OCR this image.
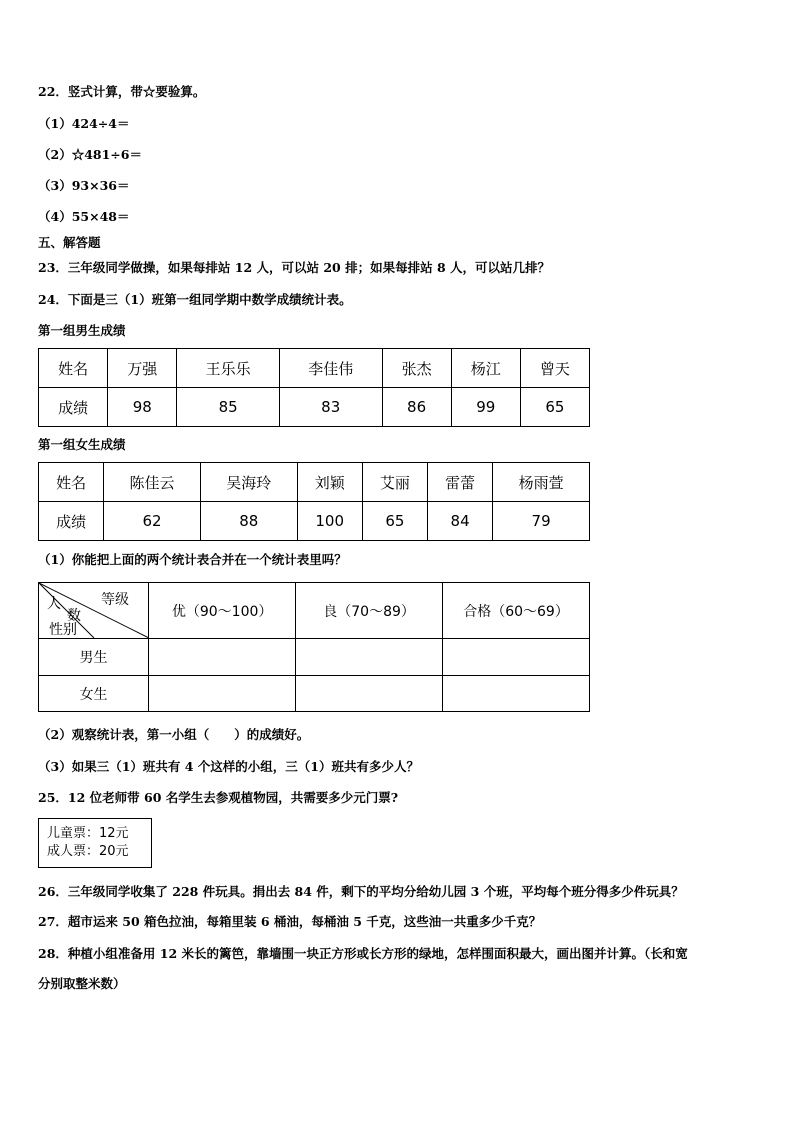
22．竖式计算，带☆要验算。
（1）424÷4＝
（2）☆481÷6＝
（3）93×36＝
（4）55×48＝
五、解答题
23．三年级同学做操，如果每排站 12 人，可以站 20 排；如果每排站 8 人，可以站几排？
24．下面是三（1）班第一组同学期中数学成绩统计表。
第一组男生成绩
姓名	万强	王乐乐	李佳伟	张杰	杨江	曾天
成绩	98	85	83	86	99	65
第一组女生成绩
姓名	陈佳云	吴海玲	刘颖	艾丽	雷蕾	杨雨萱
成绩	62	88	100	65	84	79
（1）你能把上面的两个统计表合并在一个统计表里吗？
等级
人
数
性别	优（90～100）	良（70～89）	合格（60～69）
男生			
女生			
（2）观察统计表，第一小组（　　）的成绩好。
（3）如果三（1）班共有 4 个这样的小组，三（1）班共有多少人？
25．12 位老师带 60 名学生去参观植物园，共需要多少元门票?
儿童票：12元
成人票：20元
26．三年级同学收集了 228 件玩具。捐出去 84 件，剩下的平均分给幼儿园 3 个班，平均每个班分得多少件玩具？
27．超市运来 50 箱色拉油，每箱里装 6 桶油，每桶油 5 千克，这些油一共重多少千克？
28．种植小组准备用 12 米长的篱笆，靠墙围一块正方形或长方形的绿地，怎样围面积最大，画出图并计算。（长和宽
分别取整米数）
